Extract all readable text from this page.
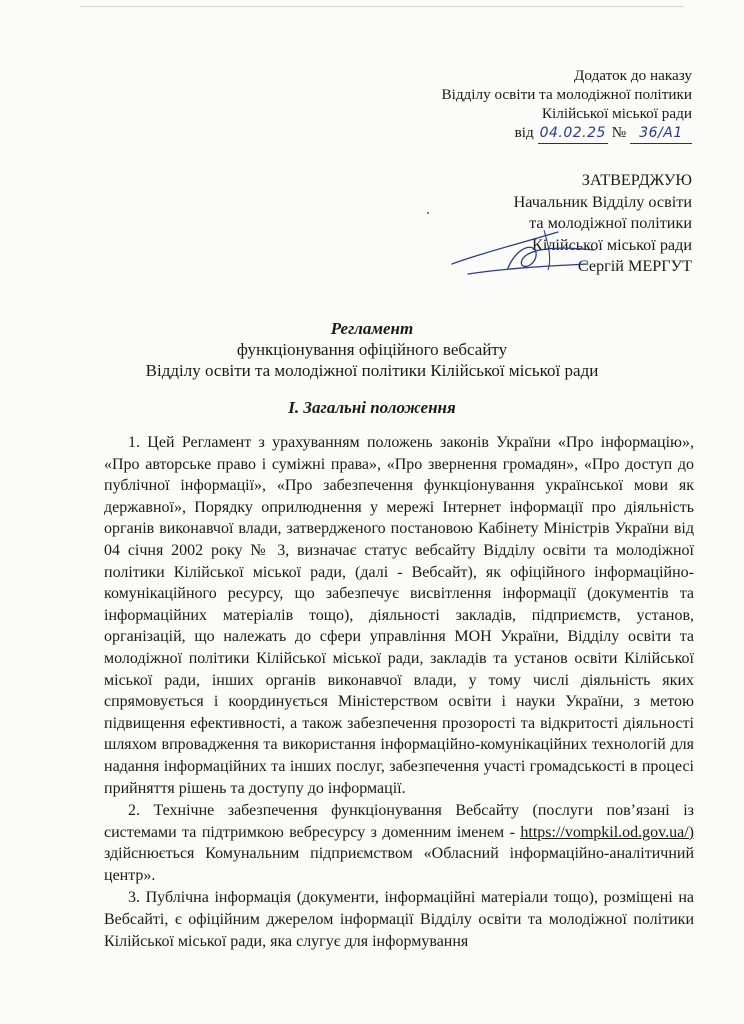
Додаток до наказу
Відділу освіти та молодіжної політики
Кілійської міської ради
від 04.02.25 № 36/А1
ЗАТВЕРДЖУЮ
Начальник Відділу освіти
та молодіжної політики
Кілійської міської ради
Сергій МЕРГУТ
Регламент
функціонування офіційного вебсайту
Відділу освіти та молодіжної політики Кілійської міської ради
І. Загальні положення

1. Цей Регламент з урахуванням положень законів України «Про інформацію», «Про авторське право і суміжні права», «Про звернення громадян», «Про доступ до публічної інформації», «Про забезпечення функціонування української мови як державної», Порядку оприлюднення у мережі Інтернет інформації про діяльність органів виконавчої влади, затвердженого постановою Кабінету Міністрів України від 04 січня 2002 року № 3, визначає статус вебсайту Відділу освіти та молодіжної політики Кілійської міської ради, (далі - Вебсайт), як офіційного інформаційно-комунікаційного ресурсу, що забезпечує висвітлення інформації (документів та інформаційних матеріалів тощо), діяльності закладів, підприємств, установ, організацій, що належать до сфери управління МОН України, Відділу освіти та молодіжної політики Кілійської міської ради, закладів та установ освіти Кілійської міської ради, інших органів виконавчої влади, у тому числі діяльність яких спрямовується і координується Міністерством освіти і науки України, з метою підвищення ефективності, а також забезпечення прозорості та відкритості діяльності шляхом впровадження та використання інформаційно-комунікаційних технологій для надання інформаційних та інших послуг, забезпечення участі громадськості в процесі прийняття рішень та доступу до інформації.

2. Технічне забезпечення функціонування Вебсайту (послуги пов’язані із системами та підтримкою вебресурсу з доменним іменем - https://vompkil.od.gov.ua/) здійснюється Комунальним підприємством «Обласний інформаційно-аналітичний центр».

3. Публічна інформація (документи, інформаційні матеріали тощо), розміщені на Вебсайті, є офіційним джерелом інформації Відділу освіти та молодіжної політики Кілійської міської ради, яка слугує для інформування
